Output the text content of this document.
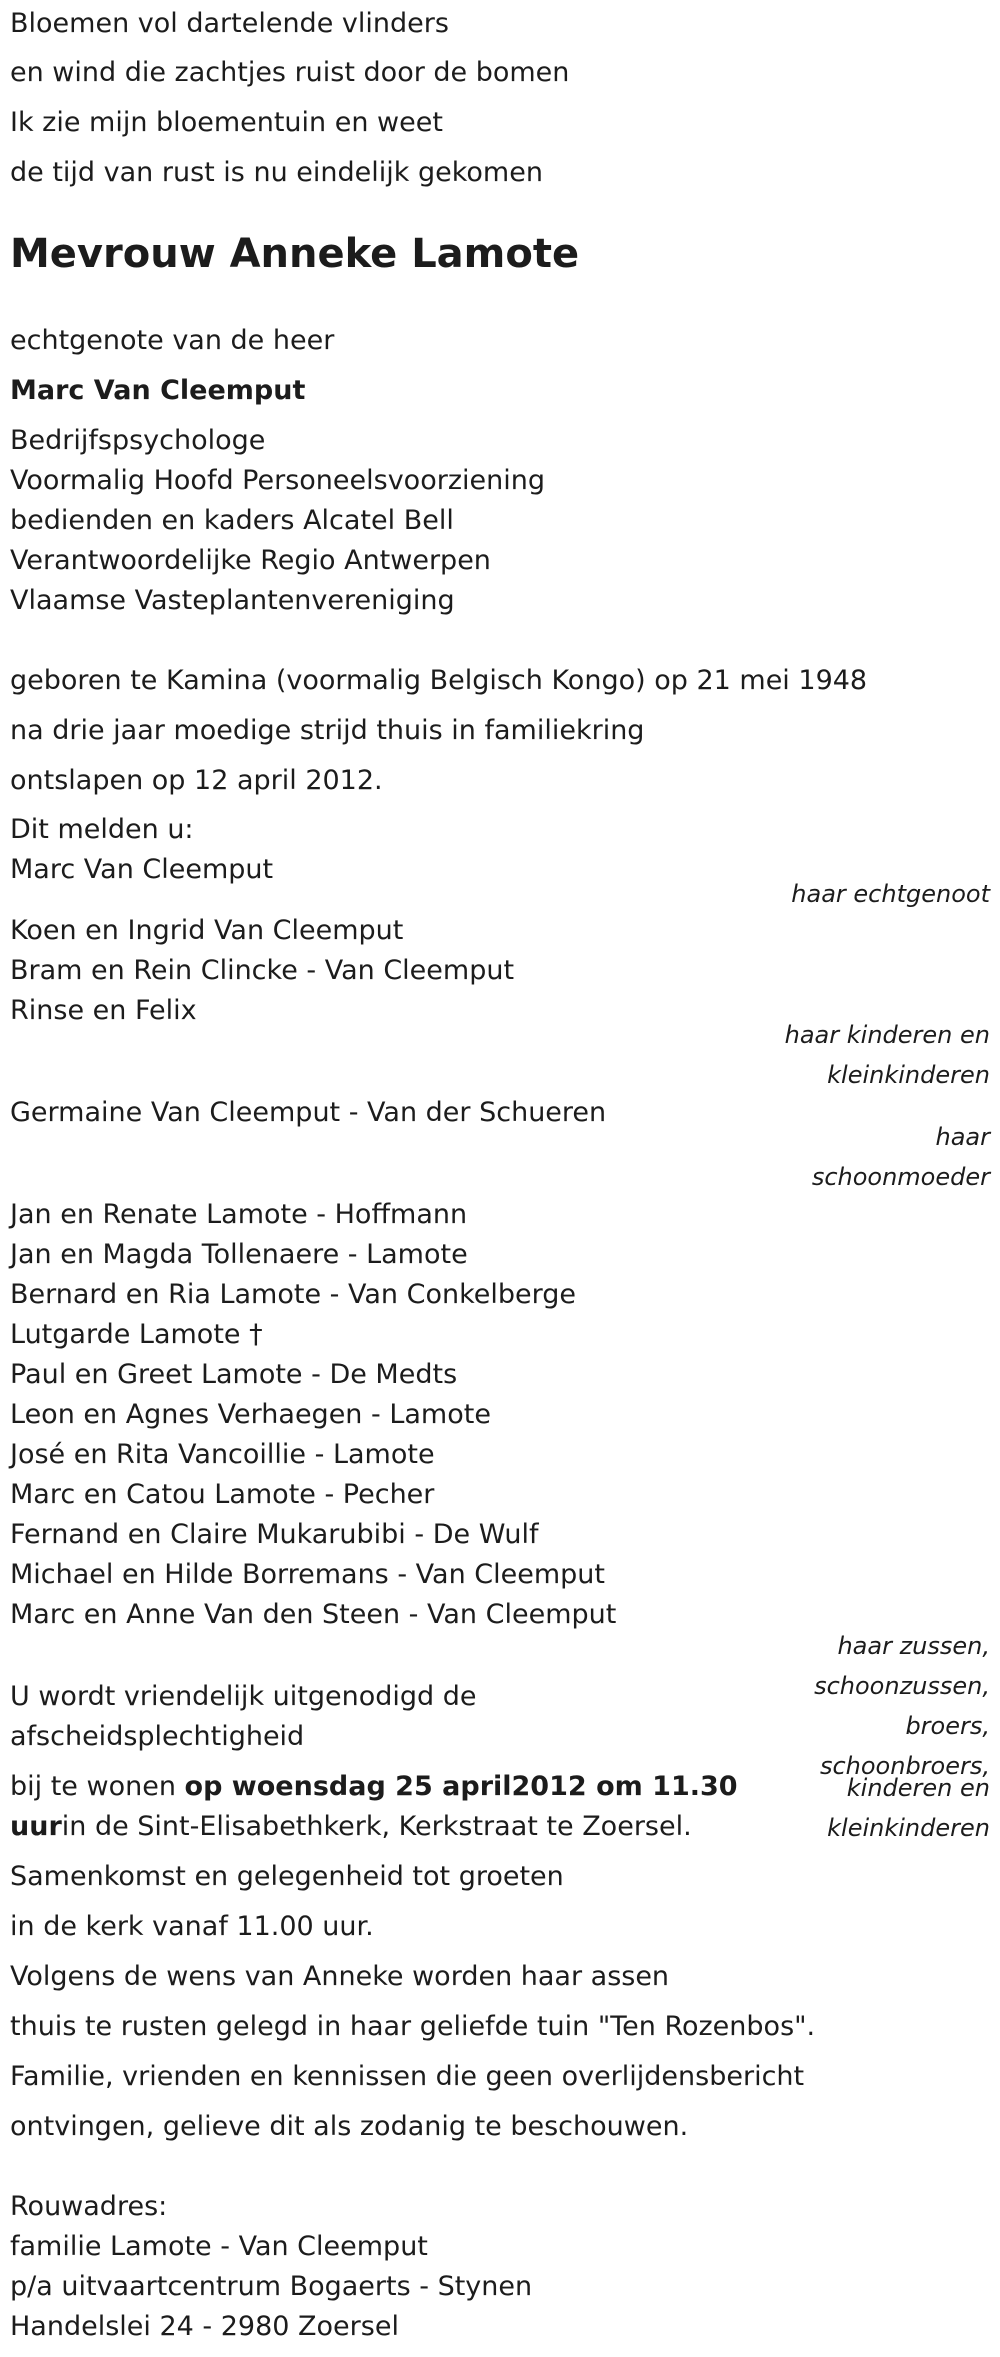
Bloemen vol dartelende vlinders
en wind die zachtjes ruist door de bomen
Ik zie mijn bloementuin en weet
de tijd van rust is nu eindelijk gekomen
Mevrouw Anneke Lamote
echtgenote van de heer
Marc Van Cleemput
Bedrijfspsychologe
Voormalig Hoofd Personeelsvoorziening
bedienden en kaders Alcatel Bell
Verantwoordelijke Regio Antwerpen
Vlaamse Vasteplantenvereniging
geboren te Kamina (voormalig Belgisch Kongo) op 21 mei 1948
na drie jaar moedige strijd thuis in familiekring
ontslapen op 12 april 2012.
Dit melden u:
Marc Van Cleemput
haar echtgenoot
Koen en Ingrid Van Cleemput
Bram en Rein Clincke - Van Cleemput
Rinse en Felix
haar kinderen en
kleinkinderen
Germaine Van Cleemput - Van der Schueren
haar
schoonmoeder
Jan en Renate Lamote - Hoffmann
Jan en Magda Tollenaere - Lamote
Bernard en Ria Lamote - Van Conkelberge
Lutgarde Lamote †
Paul en Greet Lamote - De Medts
Leon en Agnes Verhaegen - Lamote
José en Rita Vancoillie - Lamote
Marc en Catou Lamote - Pecher
Fernand en Claire Mukarubibi - De Wulf
Michael en Hilde Borremans - Van Cleemput
Marc en Anne Van den Steen - Van Cleemput
haar zussen,
schoonzussen,
broers,
schoonbroers,
kinderen en
kleinkinderen
U wordt vriendelijk uitgenodigd de
afscheidsplechtigheid
bij te wonen op woensdag 25 april2012 om 11.30
uurin de Sint-Elisabethkerk, Kerkstraat te Zoersel.
Samenkomst en gelegenheid tot groeten
in de kerk vanaf 11.00 uur.
Volgens de wens van Anneke worden haar assen
thuis te rusten gelegd in haar geliefde tuin "Ten Rozenbos".
Familie, vrienden en kennissen die geen overlijdensbericht
ontvingen, gelieve dit als zodanig te beschouwen.
Rouwadres:
familie Lamote - Van Cleemput
p/a uitvaartcentrum Bogaerts - Stynen
Handelslei 24 - 2980 Zoersel
